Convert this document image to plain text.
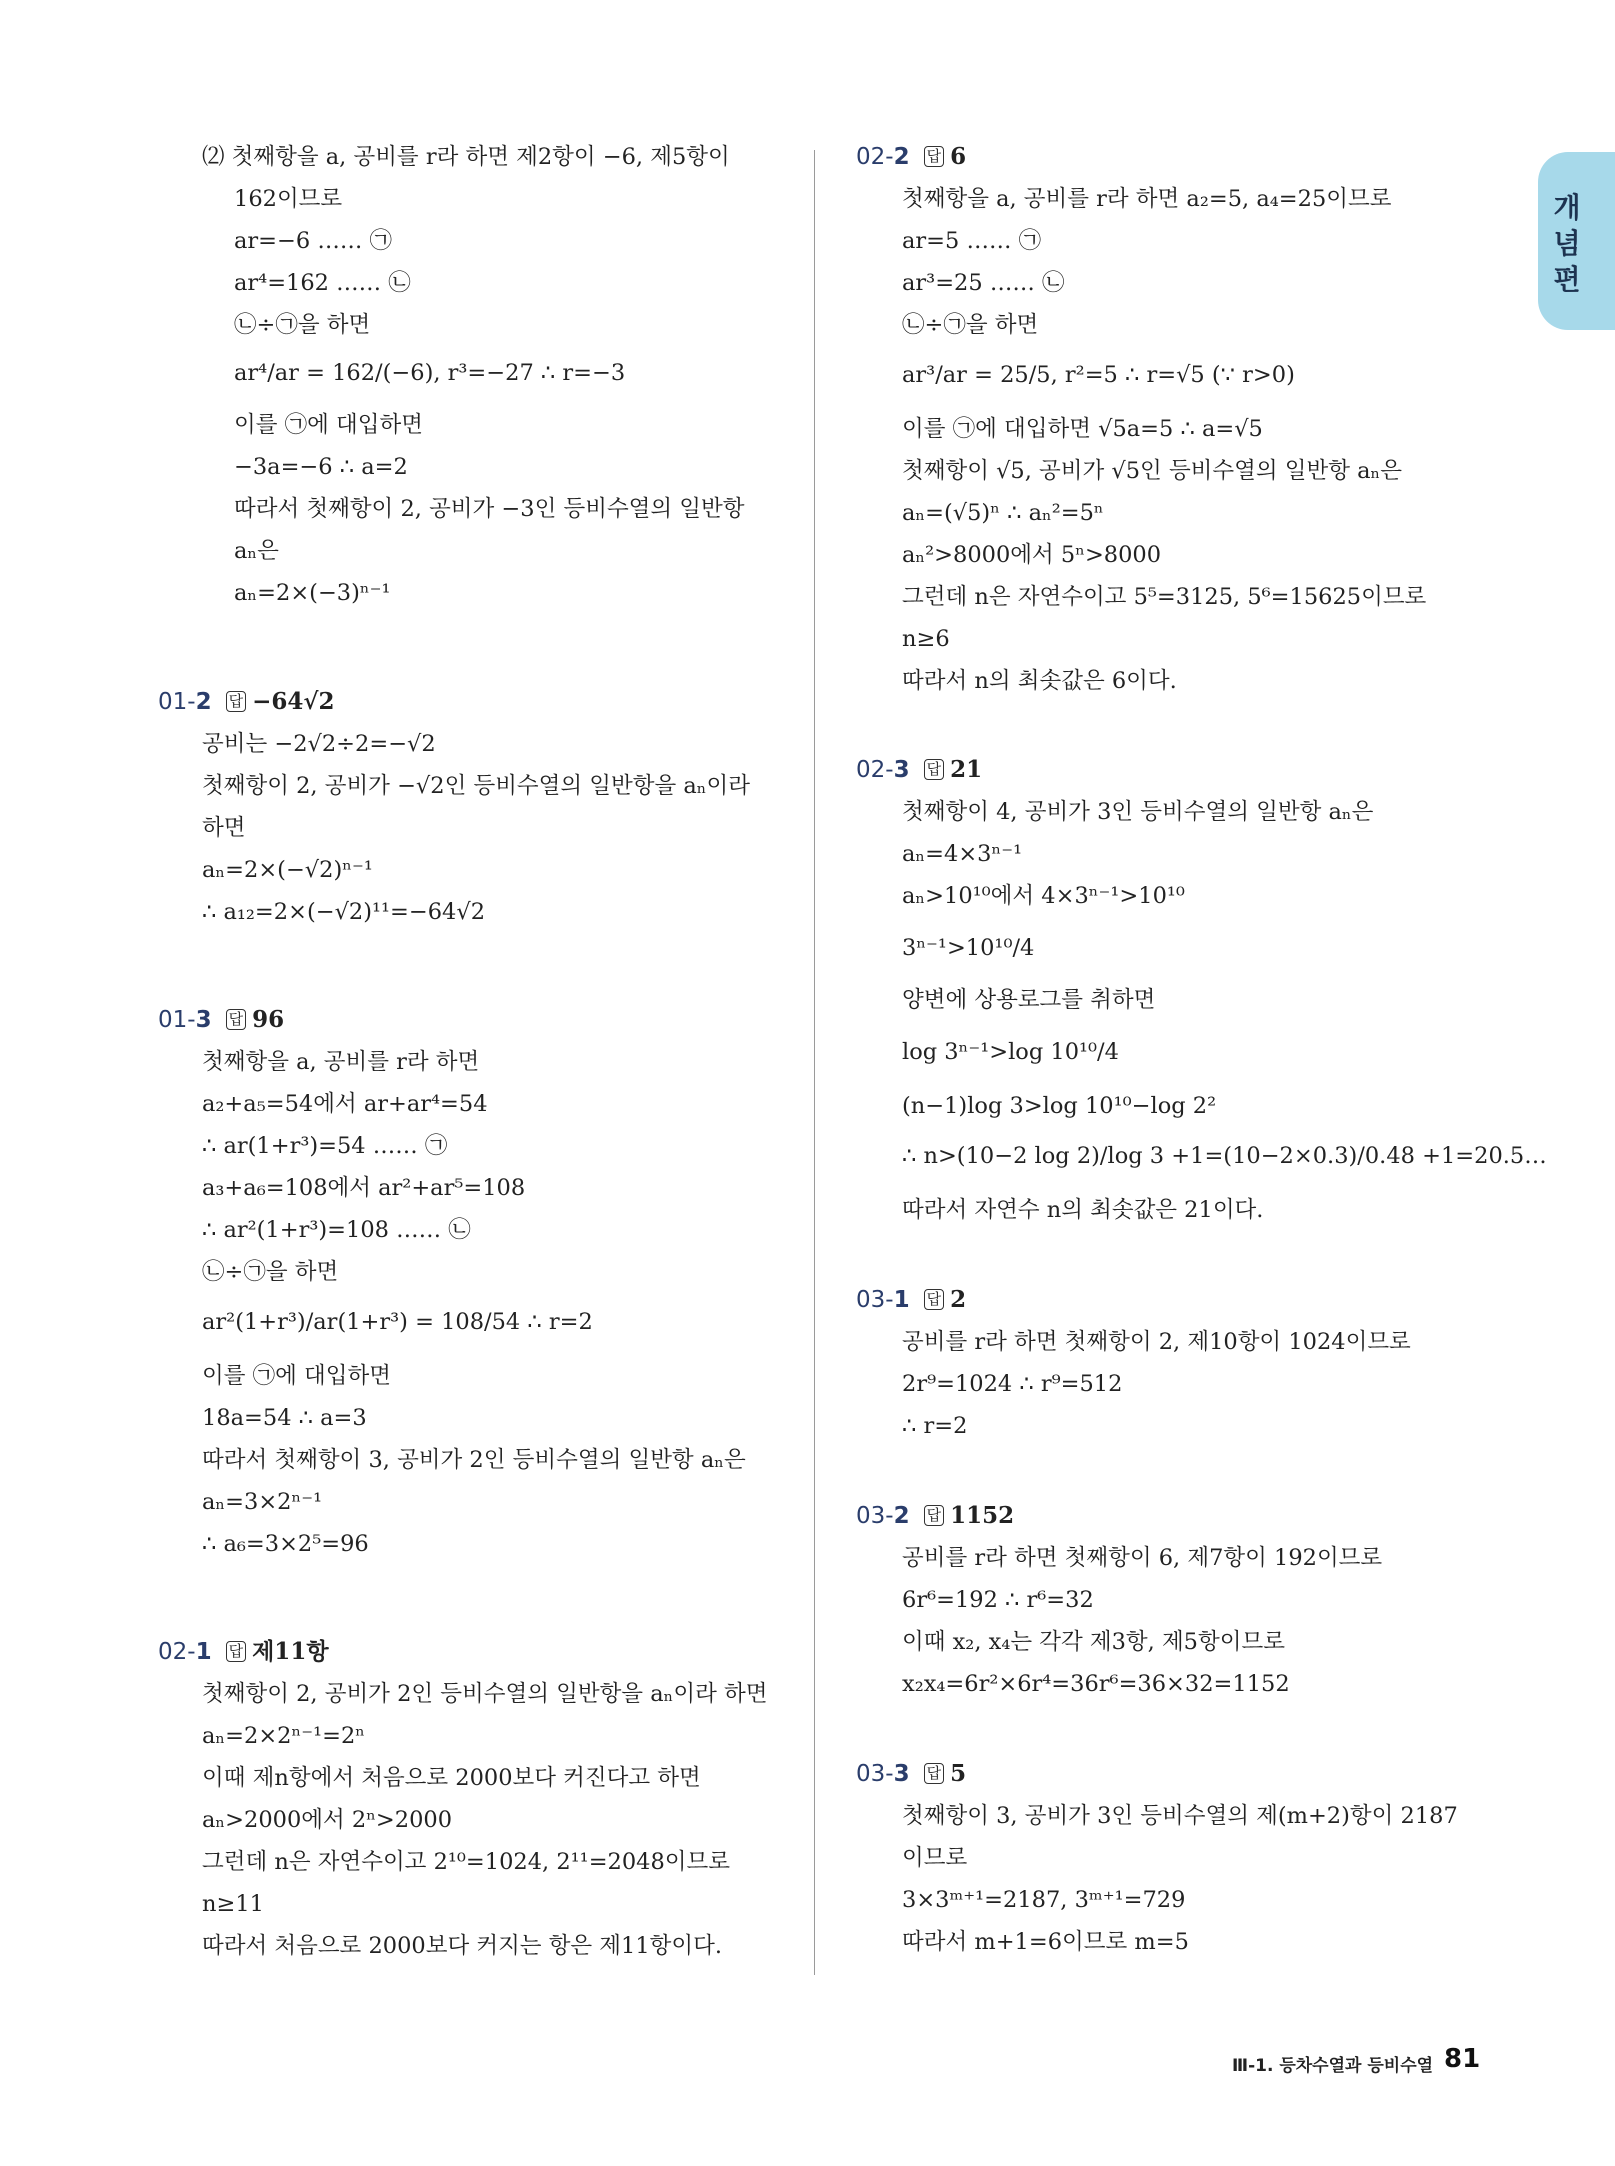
개념편
⑵ 첫째항을 a, 공비를 r라 하면 제2항이 −6, 제5항이
162이므로
ar=−6 …… ㉠
ar⁴=162 …… ㉡
㉡÷㉠을 하면
ar⁴/ar = 162/(−6), r³=−27 ∴ r=−3
이를 ㉠에 대입하면
−3a=−6 ∴ a=2
따라서 첫째항이 2, 공비가 −3인 등비수열의 일반항
aₙ은
aₙ=2×(−3)ⁿ⁻¹
01-2 답 −64√2
공비는 −2√2÷2=−√2
첫째항이 2, 공비가 −√2인 등비수열의 일반항을 aₙ이라
하면
aₙ=2×(−√2)ⁿ⁻¹
∴ a₁₂=2×(−√2)¹¹=−64√2
01-3 답 96
첫째항을 a, 공비를 r라 하면
a₂+a₅=54에서 ar+ar⁴=54
∴ ar(1+r³)=54 …… ㉠
a₃+a₆=108에서 ar²+ar⁵=108
∴ ar²(1+r³)=108 …… ㉡
㉡÷㉠을 하면
ar²(1+r³)/ar(1+r³) = 108/54 ∴ r=2
이를 ㉠에 대입하면
18a=54 ∴ a=3
따라서 첫째항이 3, 공비가 2인 등비수열의 일반항 aₙ은
aₙ=3×2ⁿ⁻¹
∴ a₆=3×2⁵=96
02-1 답 제11항
첫째항이 2, 공비가 2인 등비수열의 일반항을 aₙ이라 하면
aₙ=2×2ⁿ⁻¹=2ⁿ
이때 제n항에서 처음으로 2000보다 커진다고 하면
aₙ>2000에서 2ⁿ>2000
그런데 n은 자연수이고 2¹⁰=1024, 2¹¹=2048이므로
n≥11
따라서 처음으로 2000보다 커지는 항은 제11항이다.
02-2 답 6
첫째항을 a, 공비를 r라 하면 a₂=5, a₄=25이므로
ar=5 …… ㉠
ar³=25 …… ㉡
㉡÷㉠을 하면
ar³/ar = 25/5, r²=5 ∴ r=√5 (∵ r>0)
이를 ㉠에 대입하면 √5a=5 ∴ a=√5
첫째항이 √5, 공비가 √5인 등비수열의 일반항 aₙ은
aₙ=(√5)ⁿ ∴ aₙ²=5ⁿ
aₙ²>8000에서 5ⁿ>8000
그런데 n은 자연수이고 5⁵=3125, 5⁶=15625이므로
n≥6
따라서 n의 최솟값은 6이다.
02-3 답 21
첫째항이 4, 공비가 3인 등비수열의 일반항 aₙ은
aₙ=4×3ⁿ⁻¹
aₙ>10¹⁰에서 4×3ⁿ⁻¹>10¹⁰
3ⁿ⁻¹>10¹⁰/4
양변에 상용로그를 취하면
log 3ⁿ⁻¹>log 10¹⁰/4
(n−1)log 3>log 10¹⁰−log 2²
∴ n>(10−2 log 2)/log 3 +1=(10−2×0.3)/0.48 +1=20.5…
따라서 자연수 n의 최솟값은 21이다.
03-1 답 2
공비를 r라 하면 첫째항이 2, 제10항이 1024이므로
2r⁹=1024 ∴ r⁹=512
∴ r=2
03-2 답 1152
공비를 r라 하면 첫째항이 6, 제7항이 192이므로
6r⁶=192 ∴ r⁶=32
이때 x₂, x₄는 각각 제3항, 제5항이므로
x₂x₄=6r²×6r⁴=36r⁶=36×32=1152
03-3 답 5
첫째항이 3, 공비가 3인 등비수열의 제(m+2)항이 2187
이므로
3×3ᵐ⁺¹=2187, 3ᵐ⁺¹=729
따라서 m+1=6이므로 m=5
Ⅲ-1. 등차수열과 등비수열 81
